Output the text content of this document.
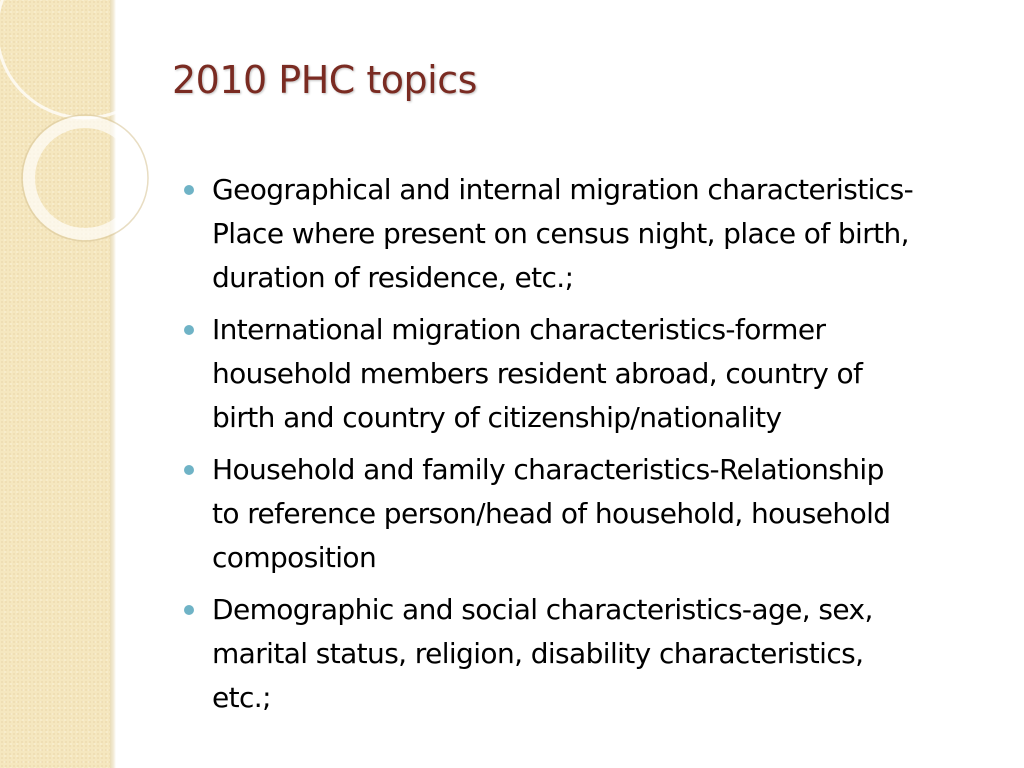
2010 PHC topics
Geographical and internal migration characteristics-
Place where present on census night, place of birth,
duration of residence, etc.;
International migration characteristics-former
household members resident abroad, country of
birth and country of citizenship/nationality
Household and family characteristics-Relationship
to reference person/head of household, household
composition
Demographic and social characteristics-age, sex,
marital status, religion, disability characteristics,
etc.;
